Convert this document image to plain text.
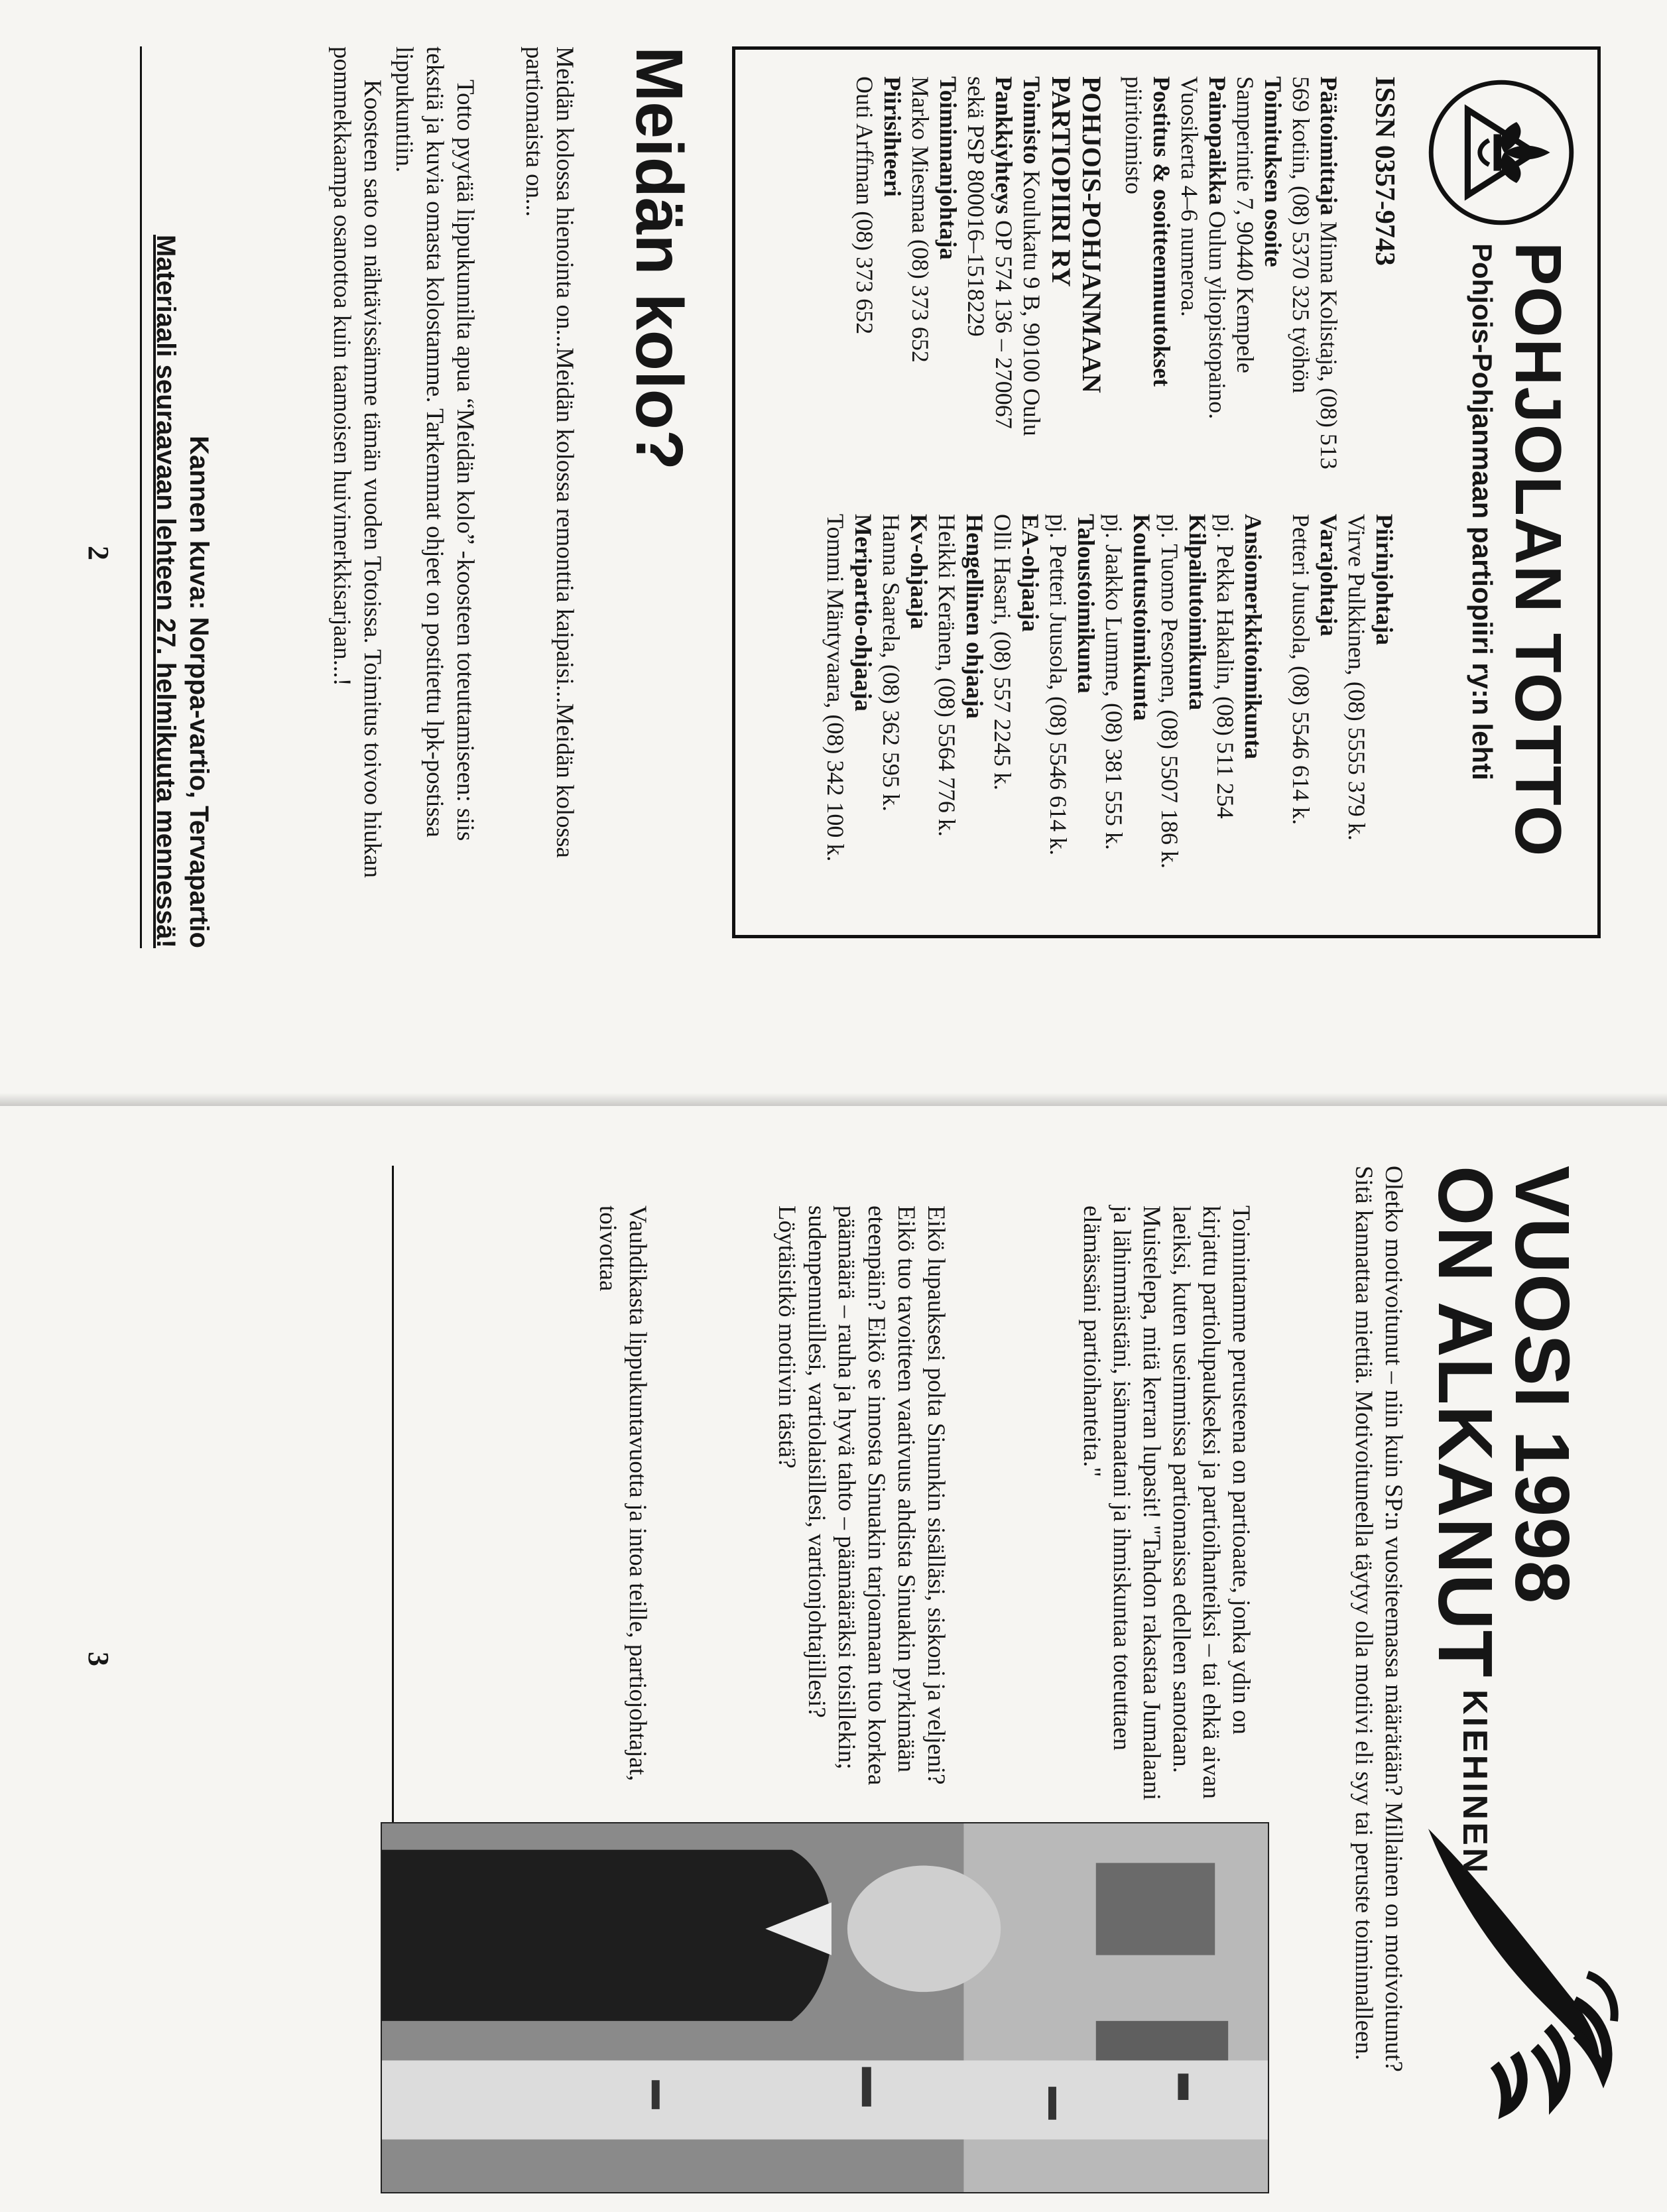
POHJOLAN TOTTO
Pohjois-Pohjanmaan partiopiiri ry:n lehti
ISSN 0357-9743
Päätoimittaja Minna Kolistaja, (08) 513 569 kotiin, (08) 5370 325 työhön
Toimituksen osoite
Samperintie 7, 90440 Kempele
Painopaikka Oulun yliopistopaino.
Vuosikerta 4–6 numeroa.
Postitus & osoitteenmuutokset
piiritoimisto
POHJOIS-POHJANMAAN
PARTIOPIIRI RY
Toimisto Koulukatu 9 B, 90100 Oulu
Pankkiyhteys OP 574 136 – 270067 sekä PSP 800016–1518229
Toiminnanjohtaja
Marko Miesmaa (08) 373 652
Piirisihteeri
Outi Arffman (08) 373 652
Piirinjohtaja
Virve Pulkkinen, (08) 5555 379 k.
Varajohtaja
Petteri Juusola, (08) 5546 614 k.
Ansiomerkkitoimikunta
pj. Pekka Hakalin, (08) 511 254
Kilpailutoimikunta
pj. Tuomo Pesonen, (08) 5507 186 k.
Koulutustoimikunta
pj. Jaakko Lumme, (08) 381 555 k.
Taloustoimikunta
pj. Petteri Juusola, (08) 5546 614 k.
EA-ohjaaja
Olli Hasari, (08) 557 2245 k.
Hengellinen ohjaaja
Heikki Keränen, (08) 5564 776 k.
Kv-ohjaaja
Hanna Saarela, (08) 362 595 k.
Meripartio-ohjaaja
Tommi Mäntyvaara, (08) 342 100 k.
Meidän kolo?
Meidän kolossa hienointa on...Meidän kolossa remonttia kaipaisi...Meidän kolossa partiomaista on...
Totto pyytää lippukunnilta apua “Meidän kolo” -koosteen toteuttamiseen: siis tekstiä ja kuvia omasta kolostamme. Tarkemmat ohjeet on postitettu lpk-postissa lippukuntiin.
Koosteen sato on nähtävissämme tämän vuoden Totoissa. Toimitus toivoo hiukan pommekkaampa osanottoa kuin taamoisen huivimerkkisarjaan...!
Kannen kuva: Norppa-vartio, Tervapartio
Materiaali seuraavaan lehteen 27. helmikuuta mennessä!
2
KIEHINEN
VUOSI 1998
ON ALKANUT
Oletko motivoitunut – niin kuin SP:n vuositeemassa määrätään? Millainen on motivoitunut? Sitä kannattaa miettiä. Motivoituneella täytyy olla motiivi eli syy tai peruste toiminnalleen.
Toimintamme perusteena on partioaate, jonka ydin on kirjattu partiolupaukseksi ja partioihanteiksi – tai ehkä aivan laeiksi, kuten useimmissa partiomaissa edelleen sanotaan. Muistelepa, mitä kerran lupasit! "Tahdon rakastaa Jumalaani ja lähimmäistäni, isänmaatani ja ihmiskuntaa toteuttaen elämässäni partioihanteita."
Eikö lupauksesi polta Sinunkin sisälläsi, siskoni ja veljeni? Eikö tuo tavoitteen vaativuus ahdista Sinuakin pyrkimään eteenpäin? Eikö se innosta Sinuakin tarjoamaan tuo korkea päämäärä – rauha ja hyvä tahto – päämääräksi toisillekin; sudenpennuillesi, vartiolaisillesi, vartionjohtajillesi? Löytäisitkö motiivin tästä?
Vauhdikasta lippukuntavuotta ja intoa teille, partiojohtajat, toivottaa
3
